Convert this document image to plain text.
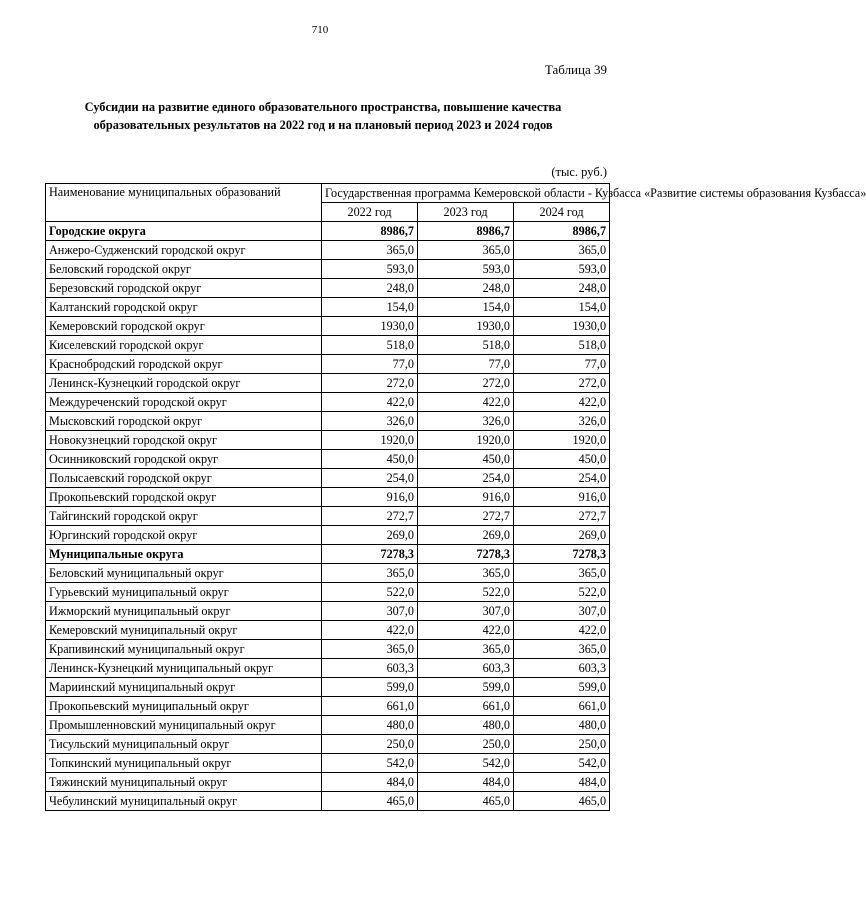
710
Таблица 39
Субсидии на развитие единого образовательного пространства, повышение качества образовательных результатов на 2022 год и на плановый период 2023 и 2024 годов
(тыс. руб.)
Наименование муниципальных образований	Государственная программа Кемеровской области - Кузбасса «Развитие системы образования Кузбасса»		
	2022 год	2023 год	2024 год
Городские округа	8986,7	8986,7	8986,7
Анжеро-Судженский городской округ	365,0	365,0	365,0
Беловский городской округ	593,0	593,0	593,0
Березовский городской округ	248,0	248,0	248,0
Калтанский городской округ	154,0	154,0	154,0
Кемеровский городской округ	1930,0	1930,0	1930,0
Киселевский городской округ	518,0	518,0	518,0
Краснобродский городской округ	77,0	77,0	77,0
Ленинск-Кузнецкий городской округ	272,0	272,0	272,0
Междуреченский городской округ	422,0	422,0	422,0
Мысковский городской округ	326,0	326,0	326,0
Новокузнецкий городской округ	1920,0	1920,0	1920,0
Осинниковский городской округ	450,0	450,0	450,0
Полысаевский городской округ	254,0	254,0	254,0
Прокопьевский городской округ	916,0	916,0	916,0
Тайгинский городской округ	272,7	272,7	272,7
Юргинский городской округ	269,0	269,0	269,0
Муниципальные округа	7278,3	7278,3	7278,3
Беловский муниципальный округ	365,0	365,0	365,0
Гурьевский муниципальный округ	522,0	522,0	522,0
Ижморский муниципальный округ	307,0	307,0	307,0
Кемеровский муниципальный округ	422,0	422,0	422,0
Крапивинский муниципальный округ	365,0	365,0	365,0
Ленинск-Кузнецкий муниципальный округ	603,3	603,3	603,3
Мариинский муниципальный округ	599,0	599,0	599,0
Прокопьевский муниципальный округ	661,0	661,0	661,0
Промышленновский муниципальный округ	480,0	480,0	480,0
Тисульский муниципальный округ	250,0	250,0	250,0
Топкинский муниципальный округ	542,0	542,0	542,0
Тяжинский муниципальный округ	484,0	484,0	484,0
Чебулинский муниципальный округ	465,0	465,0	465,0
